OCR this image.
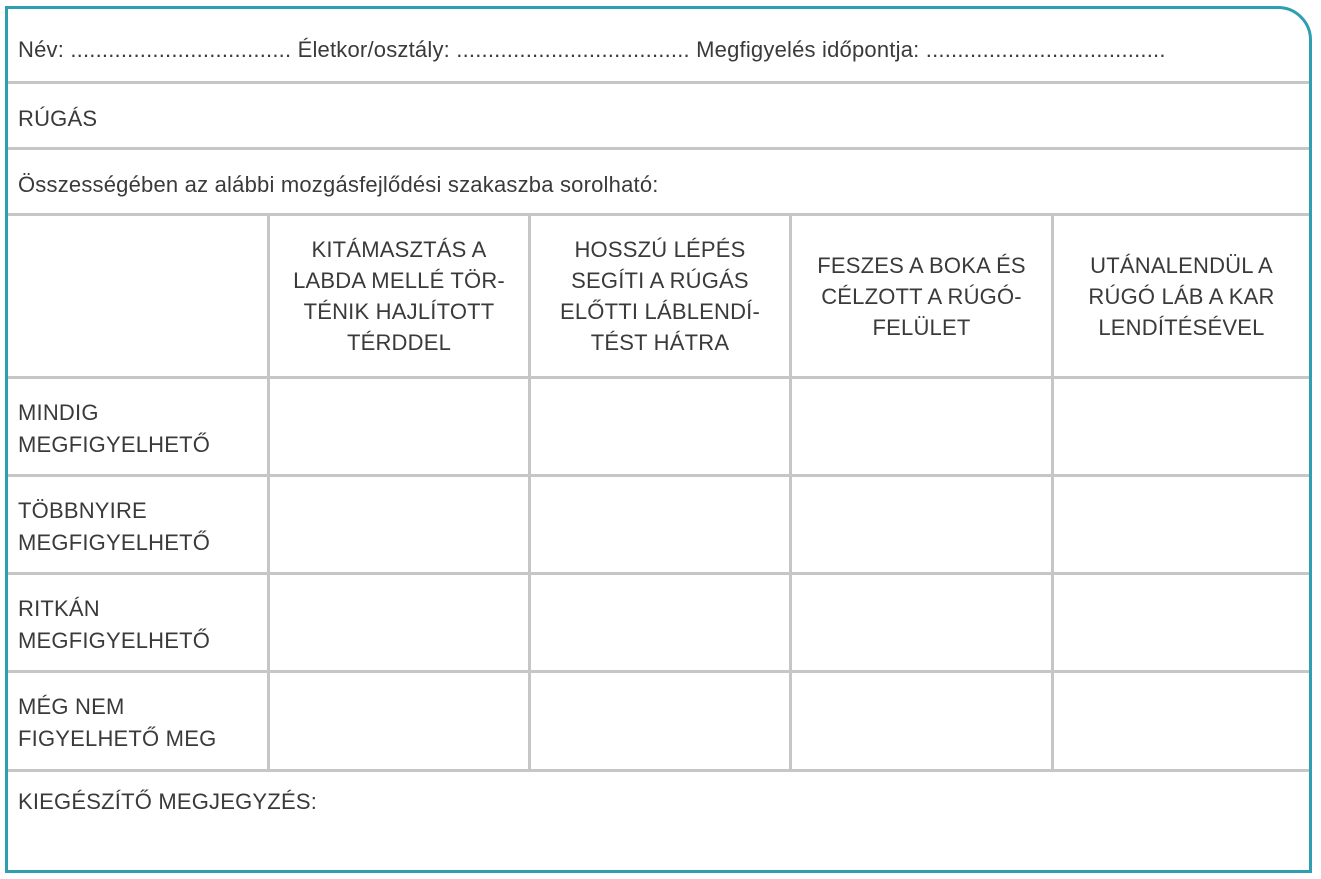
Név: ................................... Életkor/osztály: ..................................... Megfigyelés időpontja: ......................................
RÚGÁS
Összességében az alábbi mozgásfejlődési szakaszba sorolható:
KITÁMASZTÁS A LABDA MELLÉ TÖR-TÉNIK HAJLÍTOTT TÉRDDEL
HOSSZÚ LÉPÉS SEGÍTI A RÚGÁS ELŐTTI LÁBLENDÍ-TÉST HÁTRA
FESZES A BOKA ÉS CÉLZOTT A RÚGÓ-FELÜLET
UTÁNALENDÜL A RÚGÓ LÁB A KAR LENDÍTÉSÉVEL
MINDIG MEGFIGYELHETŐ
TÖBBNYIRE MEGFIGYELHETŐ
RITKÁN MEGFIGYELHETŐ
MÉG NEM FIGYELHETŐ MEG
KIEGÉSZÍTŐ MEGJEGYZÉS:
